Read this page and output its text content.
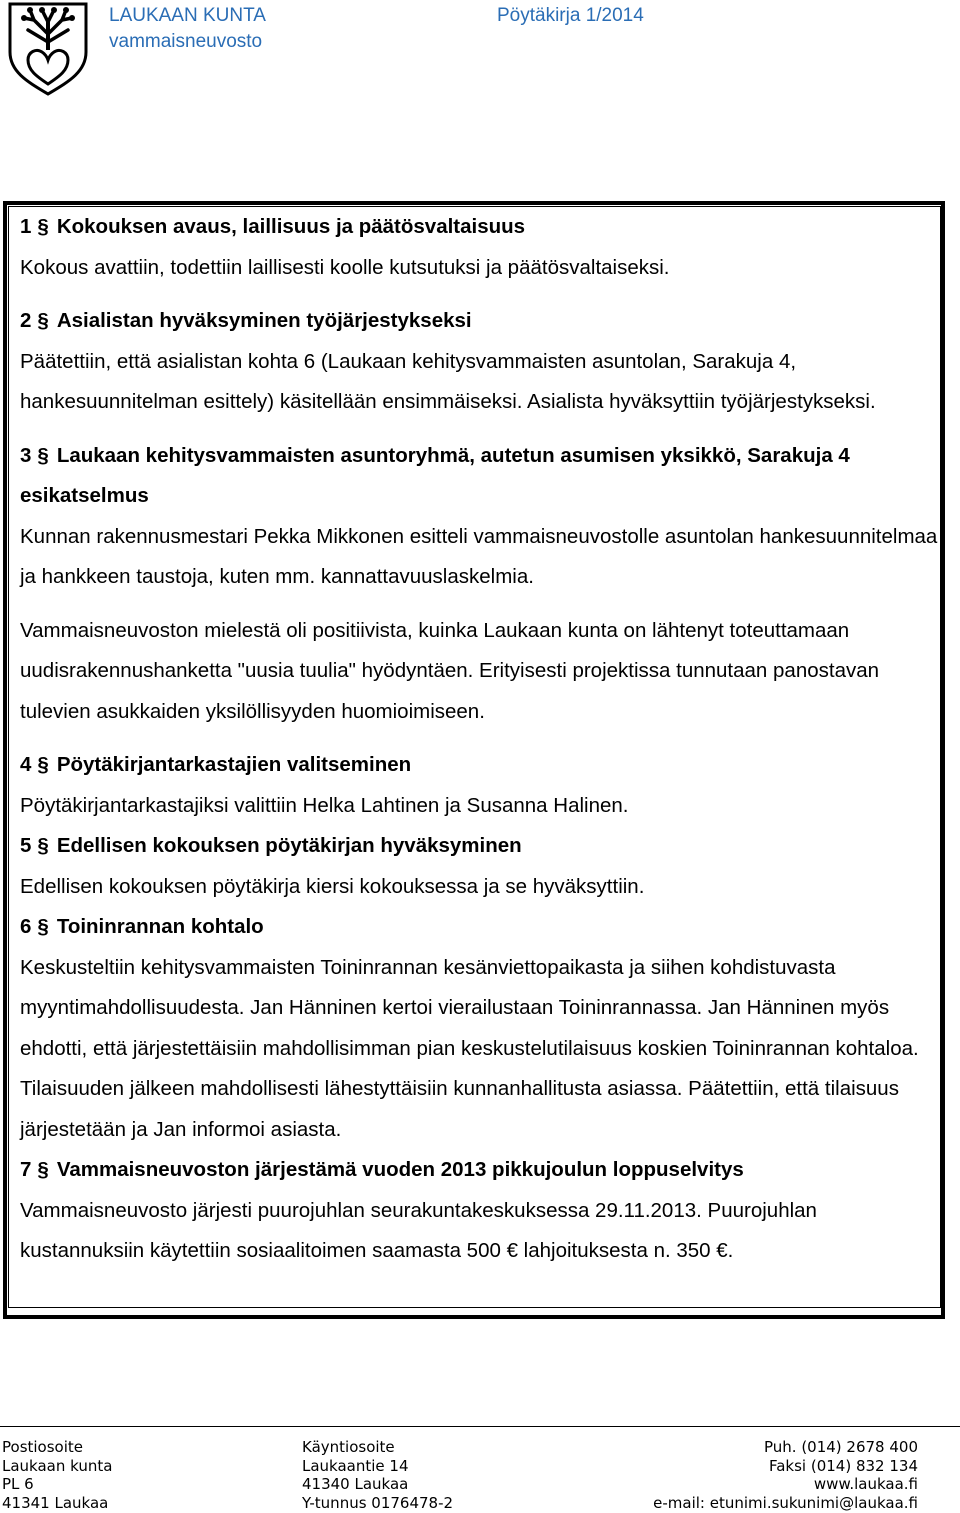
LAUKAAN KUNTA
vammaisneuvosto
Pöytäkirja 1/2014
1 § Kokouksen avaus, laillisuus ja päätösvaltaisuus

Kokous avattiin, todettiin laillisesti koolle kutsutuksi ja päätösvaltaiseksi.

2 § Asialistan hyväksyminen työjärjestykseksi

Päätettiin, että asialistan kohta 6 (Laukaan kehitysvammaisten asuntolan, Sarakuja 4, hankesuunnitelman esittely) käsitellään ensimmäiseksi. Asialista hyväksyttiin työjärjestykseksi.

3 § Laukaan kehitysvammaisten asuntoryhmä, autetun asumisen yksikkö, Sarakuja 4 esikatselmus

Kunnan rakennusmestari Pekka Mikkonen esitteli vammaisneuvostolle asuntolan hankesuunnitelmaa ja hankkeen taustoja, kuten mm. kannattavuuslaskelmia.

Vammaisneuvoston mielestä oli positiivista, kuinka Laukaan kunta on lähtenyt toteuttamaan uudisrakennushanketta "uusia tuulia" hyödyntäen. Erityisesti projektissa tunnutaan panostavan tulevien asukkaiden yksilöllisyyden huomioimiseen.

4 § Pöytäkirjantarkastajien valitseminen

Pöytäkirjantarkastajiksi valittiin Helka Lahtinen ja Susanna Halinen.

5 § Edellisen kokouksen pöytäkirjan hyväksyminen

Edellisen kokouksen pöytäkirja kiersi kokouksessa ja se hyväksyttiin.

6 § Toininrannan kohtalo

Keskusteltiin kehitysvammaisten Toininrannan kesänviettopaikasta ja siihen kohdistuvasta myyntimahdollisuudesta. Jan Hänninen kertoi vierailustaan Toininrannassa. Jan Hänninen myös ehdotti, että järjestettäisiin mahdollisimman pian keskustelutilaisuus koskien Toininrannan kohtaloa. Tilaisuuden jälkeen mahdollisesti lähestyttäisiin kunnanhallitusta asiassa. Päätettiin, että tilaisuus järjestetään ja Jan informoi asiasta.

7 § Vammaisneuvoston järjestämä vuoden 2013 pikkujoulun loppuselvitys

Vammaisneuvosto järjesti puurojuhlan seurakuntakeskuksessa 29.11.2013. Puurojuhlan kustannuksiin käytettiin sosiaalitoimen saamasta 500 € lahjoituksesta n. 350 €.

Postiosoite
Laukaan kunta
PL 6
41341 Laukaa
Käyntiosoite
Laukaantie 14
41340 Laukaa
Y-tunnus 0176478-2
Puh. (014) 2678 400
Faksi (014) 832 134
www.laukaa.fi
e-mail: etunimi.sukunimi@laukaa.fi
